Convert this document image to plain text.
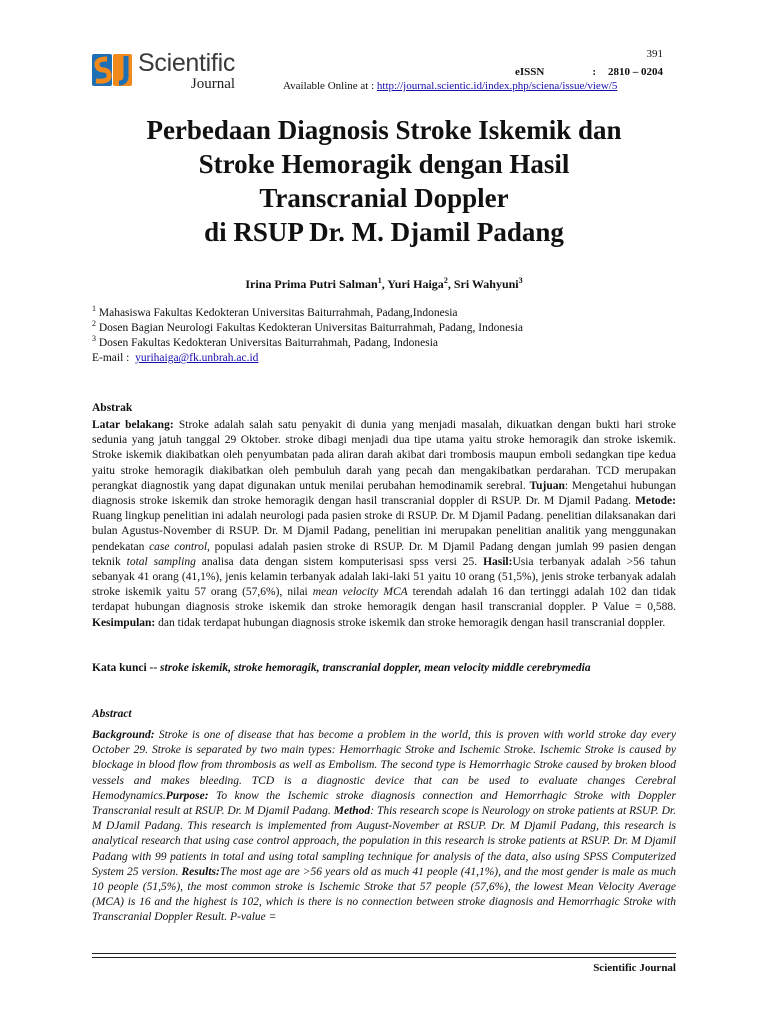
391
Scientific
Journal
eISSN	: 2810 – 0204
Available Online at : http://journal.scientic.id/index.php/sciena/issue/view/5
Perbedaan Diagnosis Stroke Iskemik dan
Stroke Hemoragik dengan Hasil
Transcranial Doppler
di RSUP Dr. M. Djamil Padang
Irina Prima Putri Salman$^1$, Yuri Haiga$^2$, Sri Wahyuni$^3$
$^1$ Mahasiswa Fakultas Kedokteran Universitas Baiturrahmah, Padang,Indonesia
$^2$ Dosen Bagian Neurologi Fakultas Kedokteran Universitas Baiturrahmah, Padang, Indonesia
$^3$ Dosen Fakultas Kedokteran Universitas Baiturrahmah, Padang, Indonesia
E-mail : yurihaiga@fk.unbrah.ac.id
Abstrak
Latar belakang: Stroke adalah salah satu penyakit di dunia yang menjadi masalah, dikuatkan dengan bukti hari stroke sedunia yang jatuh tanggal 29 Oktober. stroke dibagi menjadi dua tipe utama yaitu stroke hemoragik dan stroke iskemik. Stroke iskemik diakibatkan oleh penyumbatan pada aliran darah akibat dari trombosis maupun emboli sedangkan tipe kedua yaitu stroke hemoragik diakibatkan oleh pembuluh darah yang pecah dan mengakibatkan perdarahan. TCD merupakan perangkat diagnostik yang dapat digunakan untuk menilai perubahan hemodinamik serebral. Tujuan: Mengetahui hubungan diagnosis stroke iskemik dan stroke hemoragik dengan hasil transcranial doppler di RSUP. Dr. M Djamil Padang. Metode: Ruang lingkup penelitian ini adalah neurologi pada pasien stroke di RSUP. Dr. M Djamil Padang. penelitian dilaksanakan dari bulan Agustus-November di RSUP. Dr. M Djamil Padang, penelitian ini merupakan penelitian analitik yang menggunakan pendekatan case control, populasi adalah pasien stroke di RSUP. Dr. M Djamil Padang dengan jumlah 99 pasien dengan teknik total sampling analisa data dengan sistem komputerisasi spss versi 25. Hasil:Usia terbanyak adalah >56 tahun sebanyak 41 orang (41,1%), jenis kelamin terbanyak adalah laki-laki 51 yaitu 10 orang (51,5%), jenis stroke terbanyak adalah stroke iskemik yaitu 57 orang (57,6%), nilai mean velocity MCA terendah adalah 16 dan tertinggi adalah 102 dan tidak terdapat hubungan diagnosis stroke iskemik dan stroke hemoragik dengan hasil transcranial doppler. P Value = 0,588. Kesimpulan: dan tidak terdapat hubungan diagnosis stroke iskemik dan stroke hemoragik dengan hasil transcranial doppler.
Kata kunci -- stroke iskemik, stroke hemoragik, transcranial doppler, mean velocity middle cerebrymedia
Abstract
Background: Stroke is one of disease that has become a problem in the world, this is proven with world stroke day every October 29. Stroke is separated by two main types: Hemorrhagic Stroke and Ischemic Stroke. Ischemic Stroke is caused by blockage in blood flow from thrombosis as well as Embolism. The second type is Hemorrhagic Stroke caused by broken blood vessels and makes bleeding. TCD is a diagnostic device that can be used to evaluate changes Cerebral Hemodynamics.Purpose: To know the Ischemic stroke diagnosis connection and Hemorrhagic Stroke with Doppler Transcranial result at RSUP. Dr. M Djamil Padang. Method: This research scope is Neurology on stroke patients at RSUP. Dr. M DJamil Padang. This research is implemented from August-November at RSUP. Dr. M Djamil Padang, this research is analytical research that using case control approach, the population in this research is stroke patients at RSUP. Dr. M Djamil Padang with 99 patients in total and using total sampling technique for analysis of the data, also using SPSS Computerized System 25 version. Results:The most age are >56 years old as much 41 people (41,1%), and the most gender is male as much 10 people (51,5%), the most common stroke is Ischemic Stroke that 57 people (57,6%), the lowest Mean Velocity Average (MCA) is 16 and the highest is 102, which is there is no connection between stroke diagnosis and Hemorrhagic Stroke with Transcranial Doppler Result. P-value =
Scientific Journal
